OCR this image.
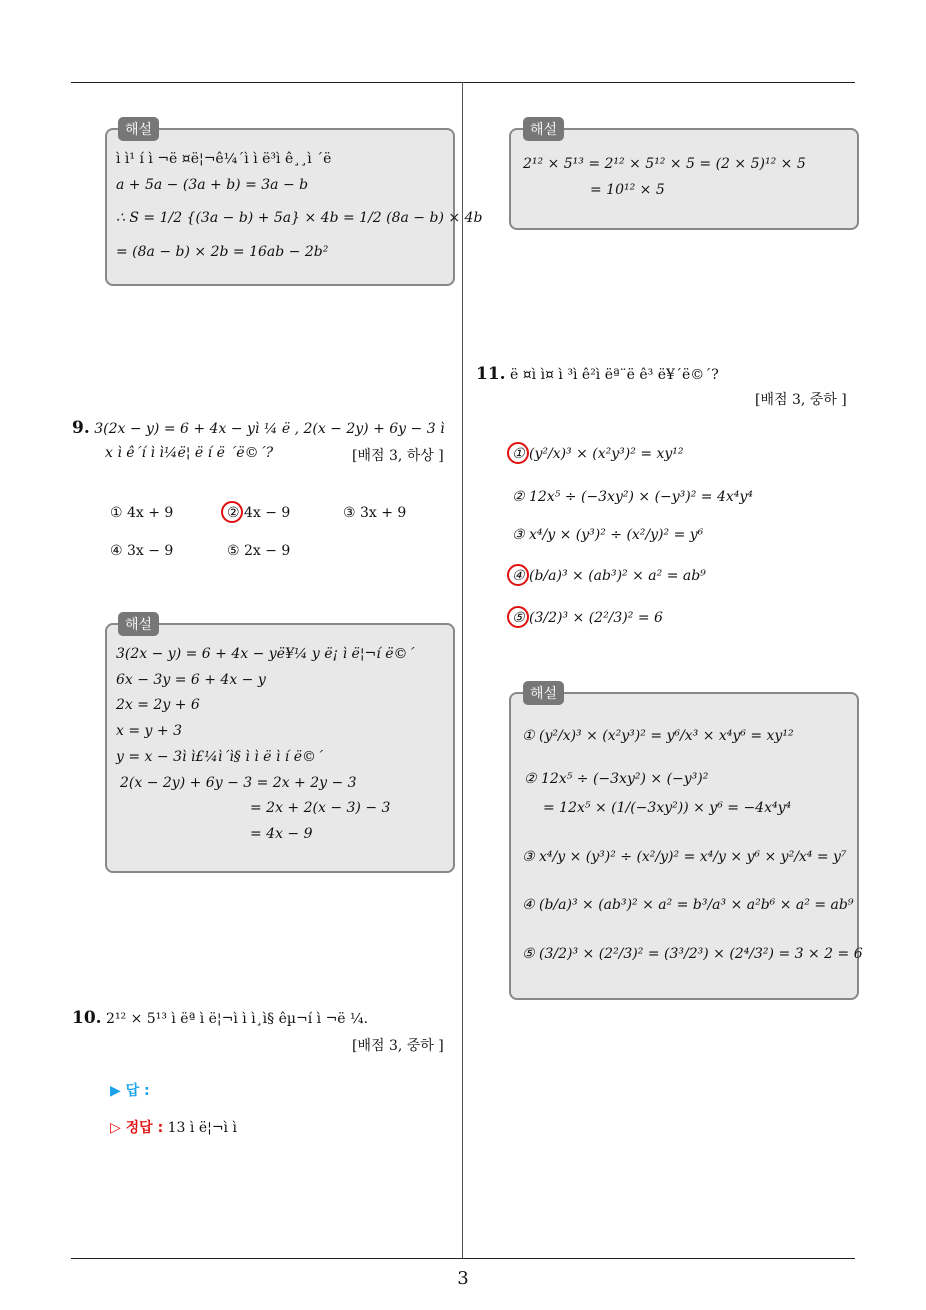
해설
ì ì¹ í ì ¬ë ¤ë¦¬ê¼´ì ì ë³ì ê¸¸ì ´ë
a + 5a − (3a + b) = 3a − b
∴ S = 1/2 {(3a − b) + 5a} × 4b = 1/2 (8a − b) × 4b
= (8a − b) × 2b = 16ab − 2b²
9. 3(2x − y) = 6 + 4x − yì ¼ ë , 2(x − 2y) + 6y − 3 ì
x ì ê´í ì ì¼ë¦ ë í ë ´ë©´?	[배점 3, 하상 ]
① 4x + 9	② 4x − 9	③ 3x + 9
④ 3x − 9	⑤ 2x − 9
해설
3(2x − y) = 6 + 4x − yë¥¼ y ë¡ ì ë¦¬í ë©´
6x − 3y = 6 + 4x − y
2x = 2y + 6
x = y + 3
y = x − 3ì ì£¼ì´ì§ ì ì ë ì í ë©´
2(x − 2y) + 6y − 3 = 2x + 2y − 3
= 2x + 2(x − 3) − 3
= 4x − 9
10. 2¹² × 5¹³ ì ëª ì ë¦¬ì ì ì¸ì§ êµ¬í ì ¬ë ¼.
[배점 3, 중하 ]
▶ 답 :
▷ 정답 : 13 ì ë¦¬ì ì
해설
2¹² × 5¹³ = 2¹² × 5¹² × 5 = (2 × 5)¹² × 5
= 10¹² × 5
11. ë ¤ì ì¤ ì ³ì ê²ì ëª¨ë ê³ ë¥´ë©´?
[배점 3, 중하 ]
① (y²/x)³ × (x²y³)² = xy¹²
② 12x⁵ ÷ (−3xy²) × (−y³)² = 4x⁴y⁴
③ x⁴/y × (y³)² ÷ (x²/y)² = y⁶
④ (b/a)³ × (ab³)² × a² = ab⁹
⑤ (3/2)³ × (2²/3)² = 6
해설
① (y²/x)³ × (x²y³)² = y⁶/x³ × x⁴y⁶ = xy¹²
② 12x⁵ ÷ (−3xy²) × (−y³)²
= 12x⁵ × (1/(−3xy²)) × y⁶ = −4x⁴y⁴
③ x⁴/y × (y³)² ÷ (x²/y)² = x⁴/y × y⁶ × y²/x⁴ = y⁷
④ (b/a)³ × (ab³)² × a² = b³/a³ × a²b⁶ × a² = ab⁹
⑤ (3/2)³ × (2²/3)² = (3³/2³) × (2⁴/3²) = 3 × 2 = 6
3
